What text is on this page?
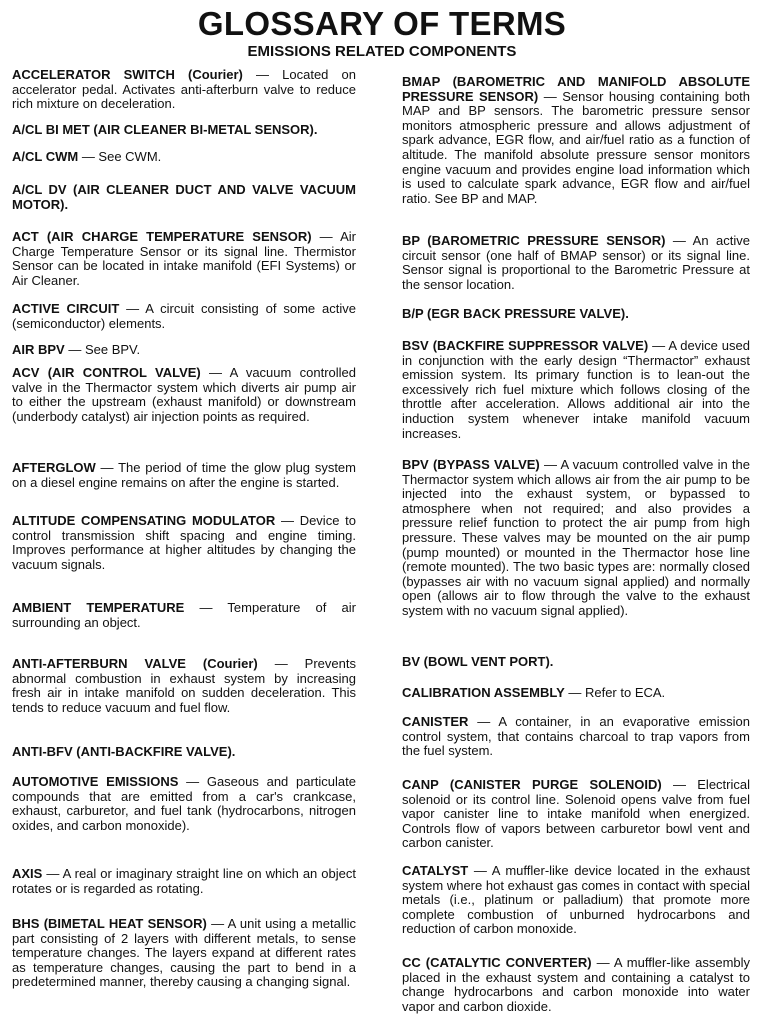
GLOSSARY OF TERMS
EMISSIONS RELATED COMPONENTS

ACCELERATOR SWITCH (Courier) — Located on accelerator pedal. Activates anti-afterburn valve to reduce rich mixture on deceleration.

A/CL BI MET (AIR CLEANER BI-METAL SENSOR).

A/CL CWM — See CWM.

A/CL DV (AIR CLEANER DUCT AND VALVE VACUUM MOTOR).

ACT (AIR CHARGE TEMPERATURE SENSOR) — Air Charge Temperature Sensor or its signal line. Thermistor Sensor can be located in intake manifold (EFI Systems) or Air Cleaner.

ACTIVE CIRCUIT — A circuit consisting of some active (semiconductor) elements.

AIR BPV — See BPV.

ACV (AIR CONTROL VALVE) — A vacuum controlled valve in the Thermactor system which diverts air pump air to either the upstream (exhaust manifold) or downstream (underbody catalyst) air injection points as required.

AFTERGLOW — The period of time the glow plug system on a diesel engine remains on after the engine is started.

ALTITUDE COMPENSATING MODULATOR — Device to control transmission shift spacing and engine timing. Improves performance at higher altitudes by changing the vacuum signals.

AMBIENT TEMPERATURE — Temperature of air surrounding an object.

ANTI-AFTERBURN VALVE (Courier) — Prevents abnormal combustion in exhaust system by increasing fresh air in intake manifold on sudden deceleration. This tends to reduce vacuum and fuel flow.

ANTI-BFV (ANTI-BACKFIRE VALVE).

AUTOMOTIVE EMISSIONS — Gaseous and particulate compounds that are emitted from a car's crankcase, exhaust, carburetor, and fuel tank (hydrocarbons, nitrogen oxides, and carbon monoxide).

AXIS — A real or imaginary straight line on which an object rotates or is regarded as rotating.

BHS (BIMETAL HEAT SENSOR) — A unit using a metallic part consisting of 2 layers with different metals, to sense temperature changes. The layers expand at different rates as temperature changes, causing the part to bend in a predetermined manner, thereby causing a changing signal.

BMAP (BAROMETRIC AND MANIFOLD ABSOLUTE PRESSURE SENSOR) — Sensor housing containing both MAP and BP sensors. The barometric pressure sensor monitors atmospheric pressure and allows adjustment of spark advance, EGR flow, and air/fuel ratio as a function of altitude. The manifold absolute pressure sensor monitors engine vacuum and provides engine load information which is used to calculate spark advance, EGR flow and air/fuel ratio. See BP and MAP.

BP (BAROMETRIC PRESSURE SENSOR) — An active circuit sensor (one half of BMAP sensor) or its signal line. Sensor signal is proportional to the Barometric Pressure at the sensor location.

B/P (EGR BACK PRESSURE VALVE).

BSV (BACKFIRE SUPPRESSOR VALVE) — A device used in conjunction with the early design “Thermactor” exhaust emission system. Its primary function is to lean-out the excessively rich fuel mixture which follows closing of the throttle after acceleration. Allows additional air into the induction system whenever intake manifold vacuum increases.

BPV (BYPASS VALVE) — A vacuum controlled valve in the Thermactor system which allows air from the air pump to be injected into the exhaust system, or bypassed to atmosphere when not required; and also provides a pressure relief function to protect the air pump from high pressure. These valves may be mounted on the air pump (pump mounted) or mounted in the Thermactor hose line (remote mounted). The two basic types are: normally closed (bypasses air with no vacuum signal applied) and normally open (allows air to flow through the valve to the exhaust system with no vacuum signal applied).

BV (BOWL VENT PORT).

CALIBRATION ASSEMBLY — Refer to ECA.

CANISTER — A container, in an evaporative emission control system, that contains charcoal to trap vapors from the fuel system.

CANP (CANISTER PURGE SOLENOID) — Electrical solenoid or its control line. Solenoid opens valve from fuel vapor canister line to intake manifold when energized. Controls flow of vapors between carburetor bowl vent and carbon canister.

CATALYST — A muffler-like device located in the exhaust system where hot exhaust gas comes in contact with special metals (i.e., platinum or palladium) that promote more complete combustion of unburned hydrocarbons and reduction of carbon monoxide.

CC (CATALYTIC CONVERTER) — A muffler-like assembly placed in the exhaust system and containing a catalyst to change hydrocarbons and carbon monoxide into water vapor and carbon dioxide.
